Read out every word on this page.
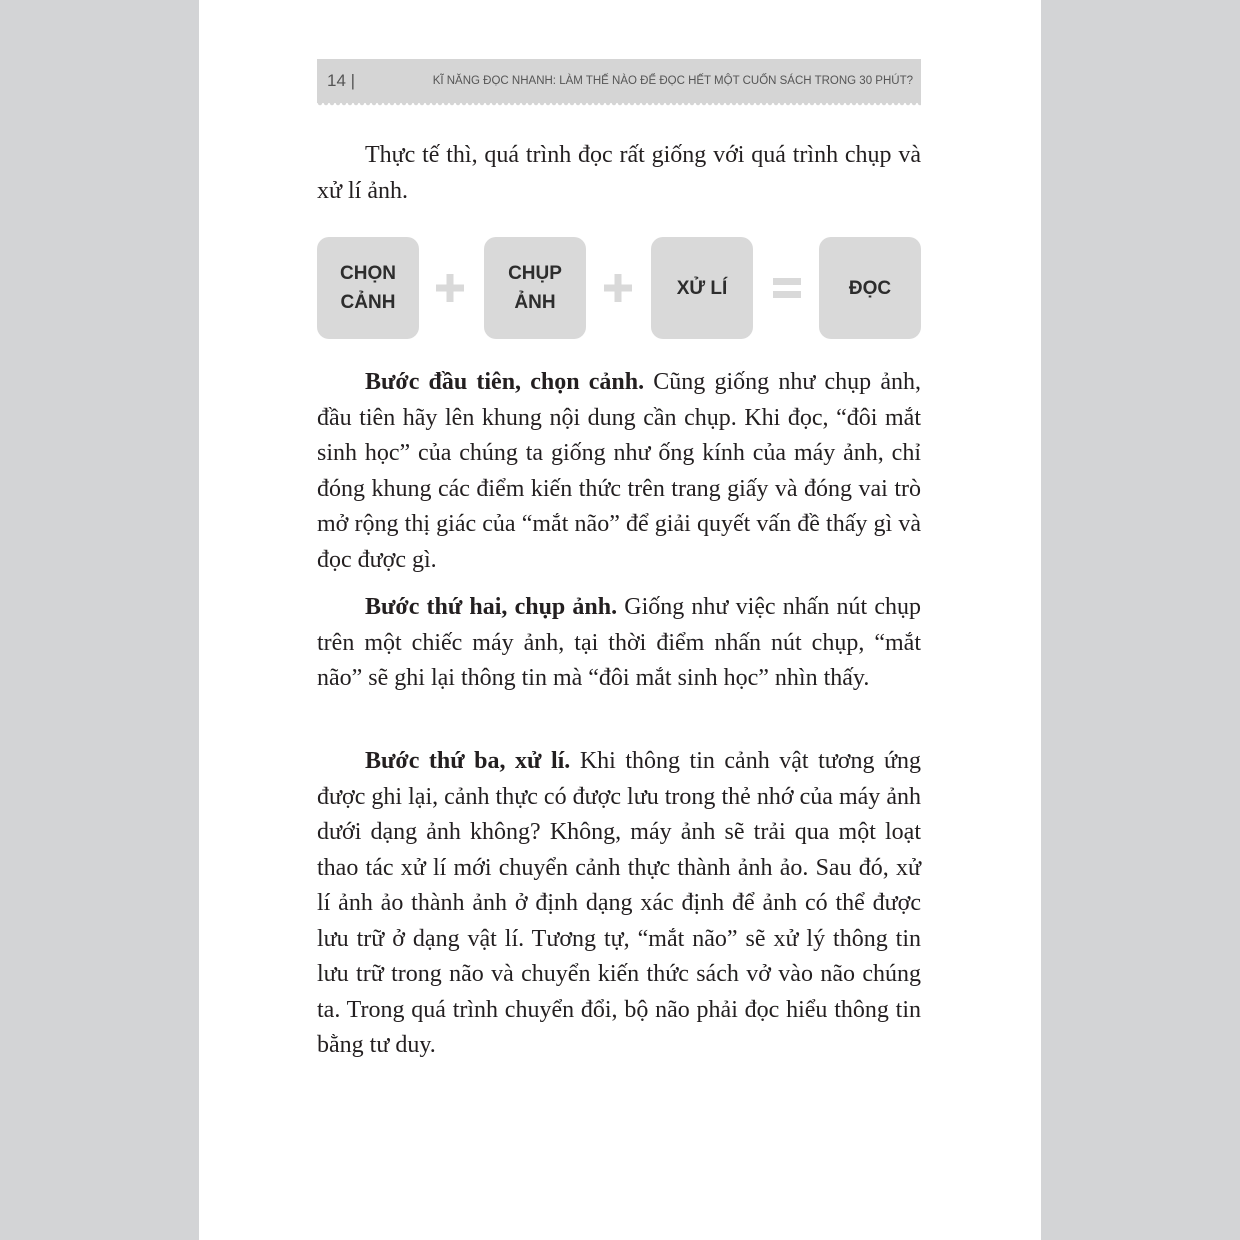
14 |	KĨ NĂNG ĐỌC NHANH: LÀM THẾ NÀO ĐỂ ĐỌC HẾT MỘT CUỐN SÁCH TRONG 30 PHÚT?

Thực tế thì, quá trình đọc rất giống với quá trình chụp và xử lí ảnh.

CHỌN
CẢNH
CHỤP
ẢNH
XỬ LÍ	ĐỌC

Bước đầu tiên, chọn cảnh. Cũng giống như chụp ảnh, đầu tiên hãy lên khung nội dung cần chụp. Khi đọc, “đôi mắt sinh học” của chúng ta giống như ống kính của máy ảnh, chỉ đóng khung các điểm kiến thức trên trang giấy và đóng vai trò mở rộng thị giác của “mắt não” để giải quyết vấn đề thấy gì và đọc được gì.

Bước thứ hai, chụp ảnh. Giống như việc nhấn nút chụp trên một chiếc máy ảnh, tại thời điểm nhấn nút chụp, “mắt não” sẽ ghi lại thông tin mà “đôi mắt sinh học” nhìn thấy.

Bước thứ ba, xử lí. Khi thông tin cảnh vật tương ứng được ghi lại, cảnh thực có được lưu trong thẻ nhớ của máy ảnh dưới dạng ảnh không? Không, máy ảnh sẽ trải qua một loạt thao tác xử lí mới chuyển cảnh thực thành ảnh ảo. Sau đó, xử lí ảnh ảo thành ảnh ở định dạng xác định để ảnh có thể được lưu trữ ở dạng vật lí. Tương tự, “mắt não” sẽ xử lý thông tin lưu trữ trong não và chuyển kiến thức sách vở vào não chúng ta. Trong quá trình chuyển đổi, bộ não phải đọc hiểu thông tin bằng tư duy.
